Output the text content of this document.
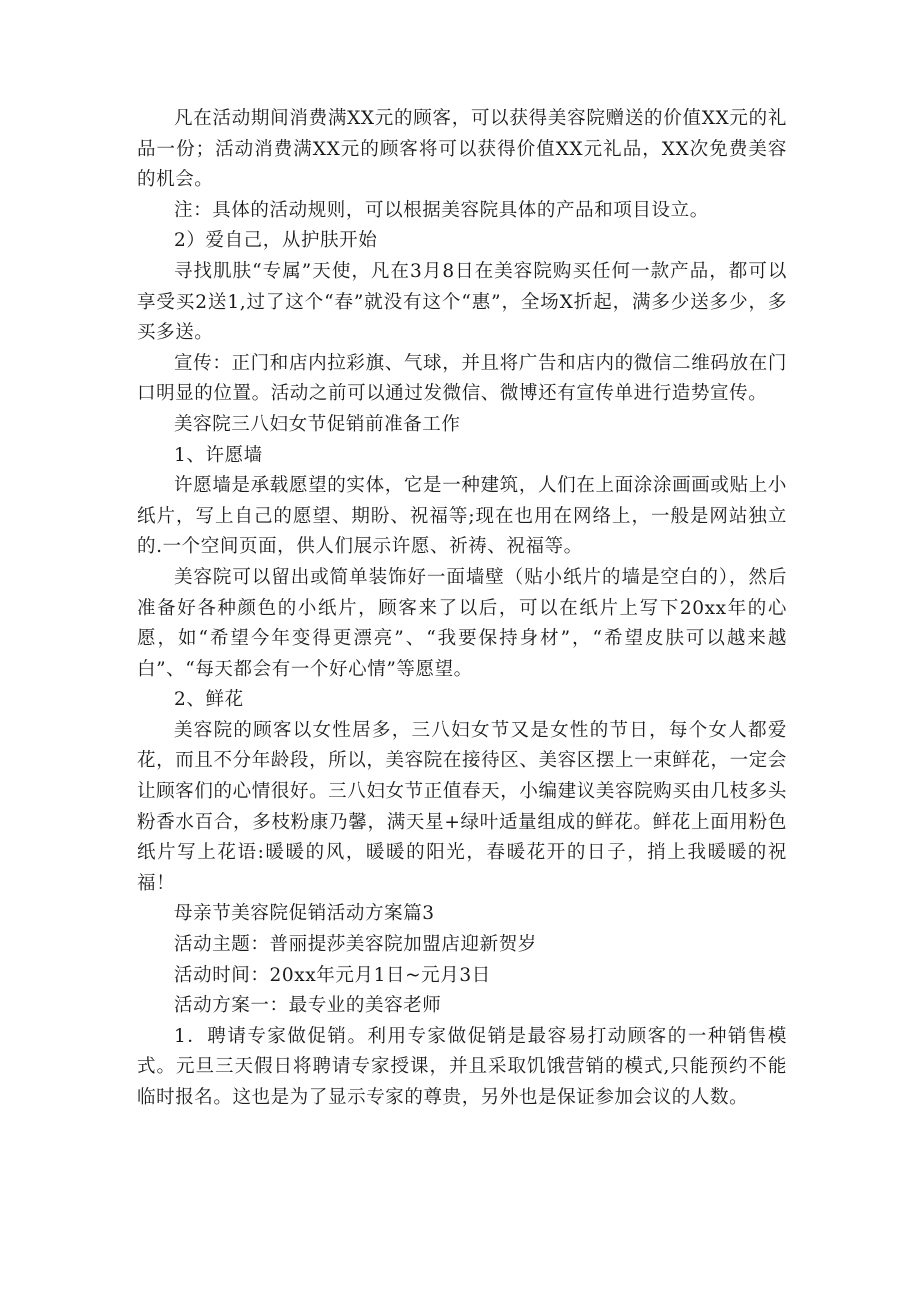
凡在活动期间消费满XX元的顾客，可以获得美容院赠送的价值XX元的礼品一份；活动消费满XX元的顾客将可以获得价值XX元礼品，XX次免费美容的机会。

注：具体的活动规则，可以根据美容院具体的产品和项目设立。

2）爱自己，从护肤开始

寻找肌肤“专属”天使，凡在3月8日在美容院购买任何一款产品，都可以享受买2送1,过了这个“春”就没有这个“惠”，全场X折起，满多少送多少，多买多送。

宣传：正门和店内拉彩旗、气球，并且将广告和店内的微信二维码放在门口明显的位置。活动之前可以通过发微信、微博还有宣传单进行造势宣传。

美容院三八妇女节促销前准备工作

1、许愿墙

许愿墙是承载愿望的实体，它是一种建筑，人们在上面涂涂画画或贴上小纸片，写上自己的愿望、期盼、祝福等;现在也用在网络上，一般是网站独立的.一个空间页面，供人们展示许愿、祈祷、祝福等。

美容院可以留出或简单装饰好一面墙壁（贴小纸片的墙是空白的），然后准备好各种颜色的小纸片，顾客来了以后，可以在纸片上写下20xx年的心愿，如“希望今年变得更漂亮”、“我要保持身材”，“希望皮肤可以越来越白”、“每天都会有一个好心情”等愿望。

2、鲜花

美容院的顾客以女性居多，三八妇女节又是女性的节日，每个女人都爱花，而且不分年龄段，所以，美容院在接待区、美容区摆上一束鲜花，一定会让顾客们的心情很好。三八妇女节正值春天，小编建议美容院购买由几枝多头粉香水百合，多枝粉康乃馨，满天星+绿叶适量组成的鲜花。鲜花上面用粉色纸片写上花语:暖暖的风，暖暖的阳光，春暖花开的日子，捎上我暖暖的祝福！

母亲节美容院促销活动方案篇3

活动主题：普丽提莎美容院加盟店迎新贺岁

活动时间：20xx年元月1日~元月3日

活动方案一：最专业的美容老师

1．聘请专家做促销。利用专家做促销是最容易打动顾客的一种销售模式。元旦三天假日将聘请专家授课，并且采取饥饿营销的模式,只能预约不能临时报名。这也是为了显示专家的尊贵，另外也是保证参加会议的人数。
